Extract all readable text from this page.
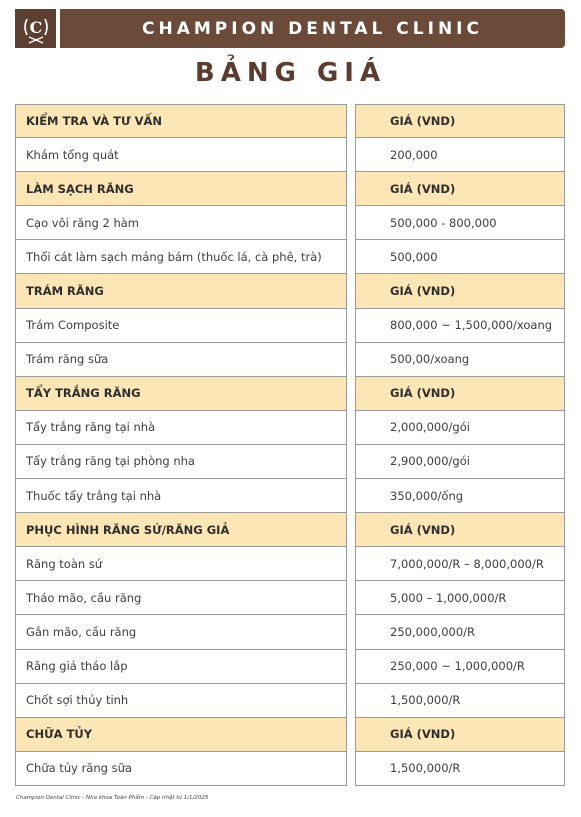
C	CHAMPION DENTAL CLINIC
BẢNG GIÁ
KIỂM TRA VÀ TƯ VẤN
Khám tổng quát
LÀM SẠCH RĂNG
Cạo vôi răng 2 hàm
Thổi cát làm sạch mảng bám (thuốc lá, cà phê, trà)
TRÁM RĂNG
Trám Composite
Trám răng sữa
TẨY TRẮNG RĂNG
Tẩy trắng răng tại nhà
Tẩy trắng răng tại phòng nha
Thuốc tẩy trắng tại nhà
PHỤC HÌNH RĂNG SỨ/RĂNG GIẢ
Răng toàn sứ
Tháo mão, cầu răng
Gắn mão, cầu răng
Răng giả tháo lắp
Chốt sợi thủy tinh
CHỮA TỦY
Chữa tủy răng sữa
GIÁ (VND)
200,000
GIÁ (VND)
500,000 - 800,000
500,000
GIÁ (VND)
800,000 ~ 1,500,000/xoang
500,00/xoang
GIÁ (VND)
2,000,000/gói
2,900,000/gói
350,000/ống
GIÁ (VND)
7,000,000/R – 8,000,000/R
5,000 – 1,000,000/R
250,000,000/R
250,000 ~ 1,000,000/R
1,500,000/R
GIÁ (VND)
1,500,000/R
Champion Dental Clinic - Nha khoa Toàn Phẩm - Cập nhật từ 1/1/2025
